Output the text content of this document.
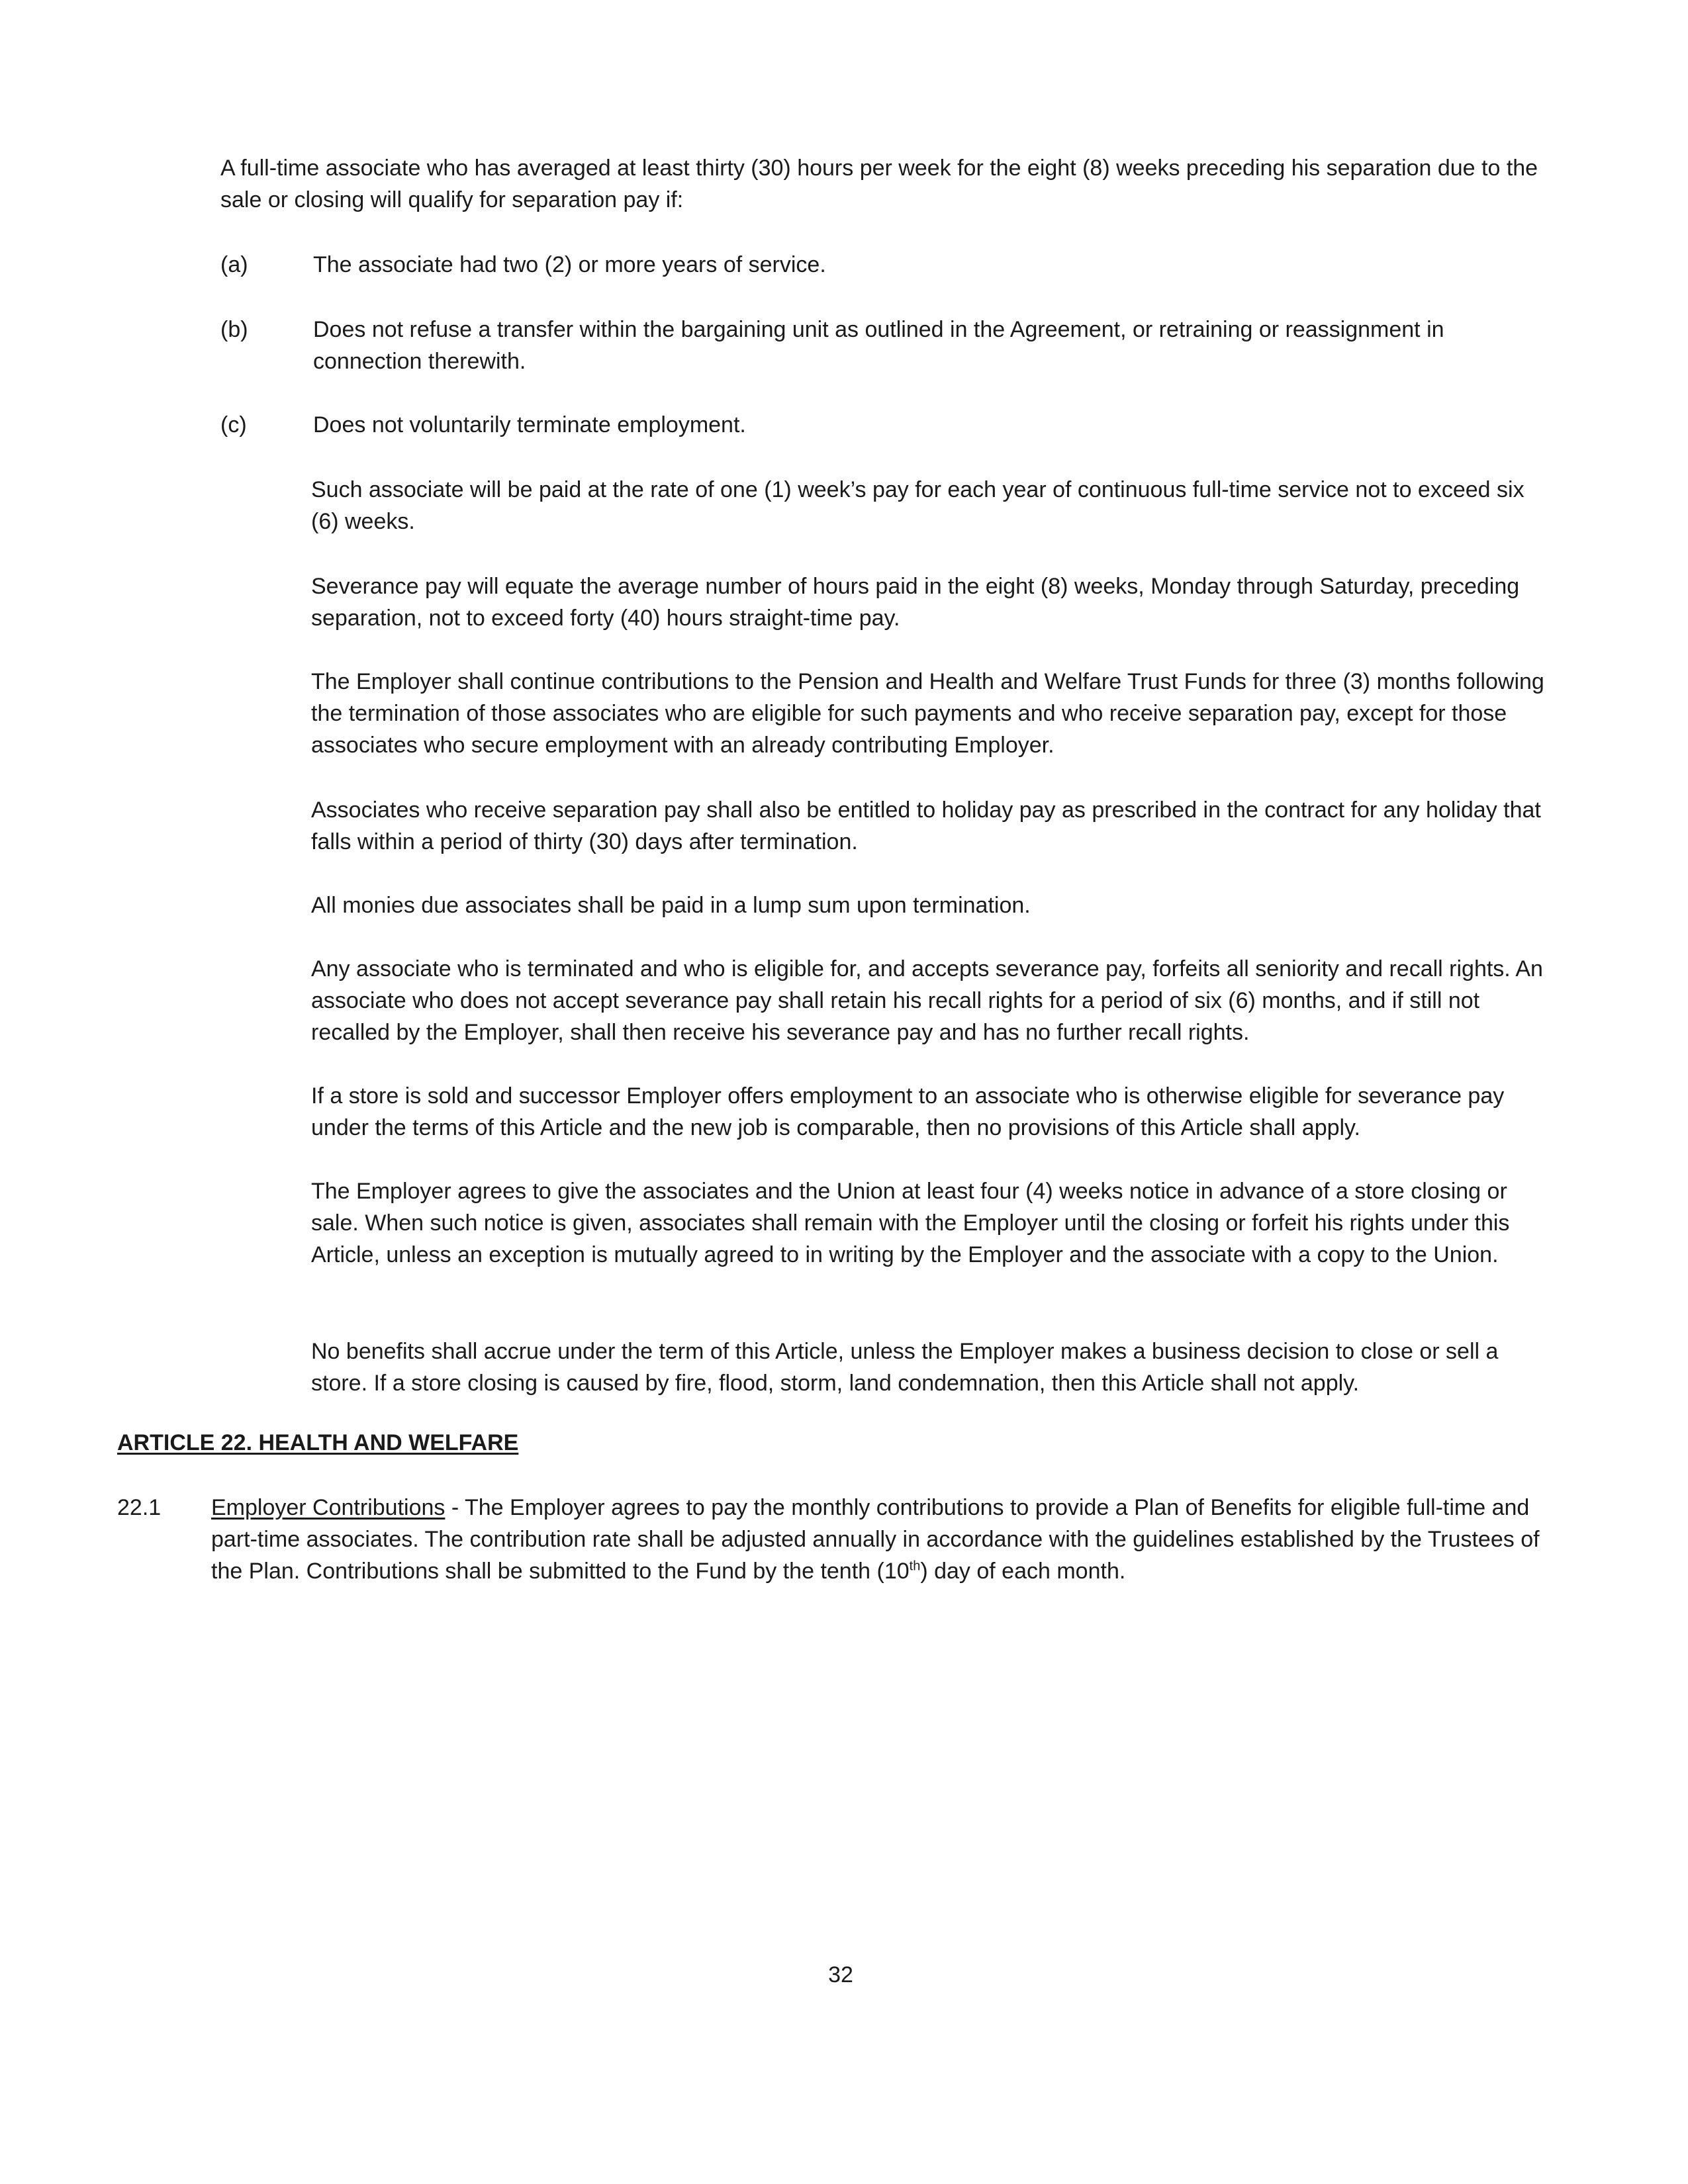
A full-time associate who has averaged at least thirty (30) hours per week for the eight (8) weeks preceding his separation due to the sale or closing will qualify for separation pay if:

(a)	The associate had two (2) or more years of service.
(b)	Does not refuse a transfer within the bargaining unit as outlined in the Agreement, or retraining or reassignment in connection therewith.
(c)	Does not voluntarily terminate employment.

Such associate will be paid at the rate of one (1) week’s pay for each year of continuous full-time service not to exceed six (6) weeks.

Severance pay will equate the average number of hours paid in the eight (8) weeks, Monday through Saturday, preceding separation, not to exceed forty (40) hours straight-time pay.

The Employer shall continue contributions to the Pension and Health and Welfare Trust Funds for three (3) months following the termination of those associates who are eligible for such payments and who receive separation pay, except for those associates who secure employment with an already contributing Employer.

Associates who receive separation pay shall also be entitled to holiday pay as prescribed in the contract for any holiday that falls within a period of thirty (30) days after termination.

All monies due associates shall be paid in a lump sum upon termination.

Any associate who is terminated and who is eligible for, and accepts severance pay, forfeits all seniority and recall rights. An associate who does not accept severance pay shall retain his recall rights for a period of six (6) months, and if still not recalled by the Employer, shall then receive his severance pay and has no further recall rights.

If a store is sold and successor Employer offers employment to an associate who is otherwise eligible for severance pay under the terms of this Article and the new job is comparable, then no provisions of this Article shall apply.

The Employer agrees to give the associates and the Union at least four (4) weeks notice in advance of a store closing or sale. When such notice is given, associates shall remain with the Employer until the closing or forfeit his rights under this Article, unless an exception is mutually agreed to in writing by the Employer and the associate with a copy to the Union.

No benefits shall accrue under the term of this Article, unless the Employer makes a business decision to close or sell a store. If a store closing is caused by fire, flood, storm, land condemnation, then this Article shall not apply.

ARTICLE 22. HEALTH AND WELFARE
22.1	Employer Contributions - The Employer agrees to pay the monthly contributions to provide a Plan of Benefits for eligible full-time and part-time associates. The contribution rate shall be adjusted annually in accordance with the guidelines established by the Trustees of the Plan. Contributions shall be submitted to the Fund by the tenth (10th) day of each month.
32
